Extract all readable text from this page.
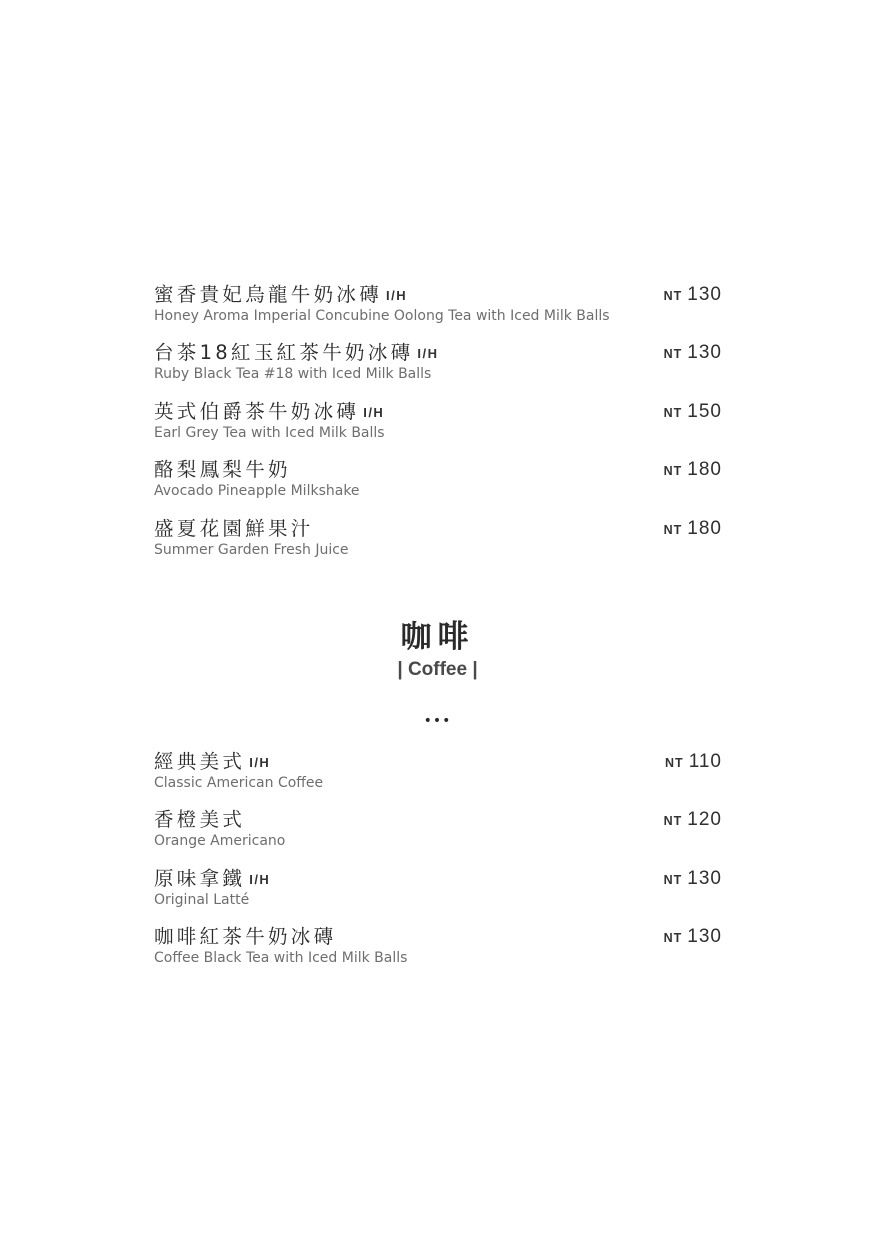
蜜香貴妃烏龍牛奶冰磚 I/H
Honey Aroma Imperial Concubine Oolong Tea with Iced Milk Balls
NT 130
台茶18紅玉紅茶牛奶冰磚 I/H
Ruby Black Tea #18 with Iced Milk Balls
NT 130
英式伯爵茶牛奶冰磚 I/H
Earl Grey Tea with Iced Milk Balls
NT 150
酪梨鳳梨牛奶
Avocado Pineapple Milkshake
NT 180
盛夏花園鮮果汁
Summer Garden Fresh Juice
NT 180
咖啡
| Coffee |
•••
經典美式 I/H
Classic American Coffee
NT 110
香橙美式
Orange Americano
NT 120
原味拿鐵 I/H
Original Latté
NT 130
咖啡紅茶牛奶冰磚
Coffee Black Tea with Iced Milk Balls
NT 130
